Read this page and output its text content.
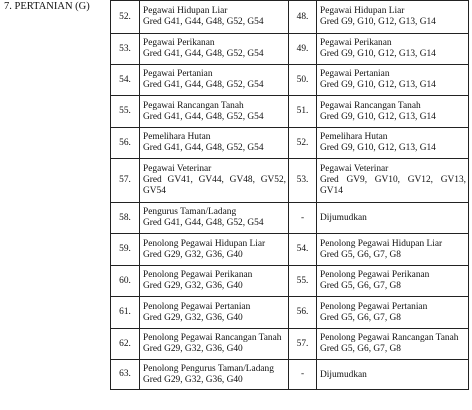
7. PERTANIAN (G)
52.	Pegawai Hidupan Liar
Gred G41, G44, G48, G52, G54	48.	Pegawai Hidupan Liar
Gred G9, G10, G12, G13, G14

53.	Pegawai Perikanan
Gred G41, G44, G48, G52, G54	49.	Pegawai Perikanan
Gred G9, G10, G12, G13, G14

54.	Pegawai Pertanian
Gred G41, G44, G48, G52, G54	50.	Pegawai Pertanian
Gred G9, G10, G12, G13, G14

55.	Pegawai Rancangan Tanah
Gred G41, G44, G48, G52, G54	51.	Pegawai Rancangan Tanah
Gred G9, G10, G12, G13, G14

56.	Pemelihara Hutan
Gred G41, G44, G48, G52, G54	52.	Pemelihara Hutan
Gred G9, G10, G12, G13, G14

57.	Pegawai Veterinar
Gred GV41, GV44, GV48, GV52,
GV54	53.	Pegawai Veterinar
Gred GV9, GV10, GV12, GV13,
GV14

58.	Pengurus Taman/Ladang
Gred G41, G44, G48, G52, G54	-	Dijumudkan

59.	Penolong Pegawai Hidupan Liar
Gred G29, G32, G36, G40	54.	Penolong Pegawai Hidupan Liar
Gred G5, G6, G7, G8

60.	Penolong Pegawai Perikanan
Gred G29, G32, G36, G40	55.	Penolong Pegawai Perikanan
Gred G5, G6, G7, G8

61.	Penolong Pegawai Pertanian
Gred G29, G32, G36, G40	56.	Penolong Pegawai Pertanian
Gred G5, G6, G7, G8

62.	Penolong Pegawai Rancangan Tanah
Gred G29, G32, G36, G40	57.	Penolong Pegawai Rancangan Tanah
Gred G5, G6, G7, G8

63.	Penolong Pengurus Taman/Ladang
Gred G29, G32, G36, G40	-	Dijumudkan
